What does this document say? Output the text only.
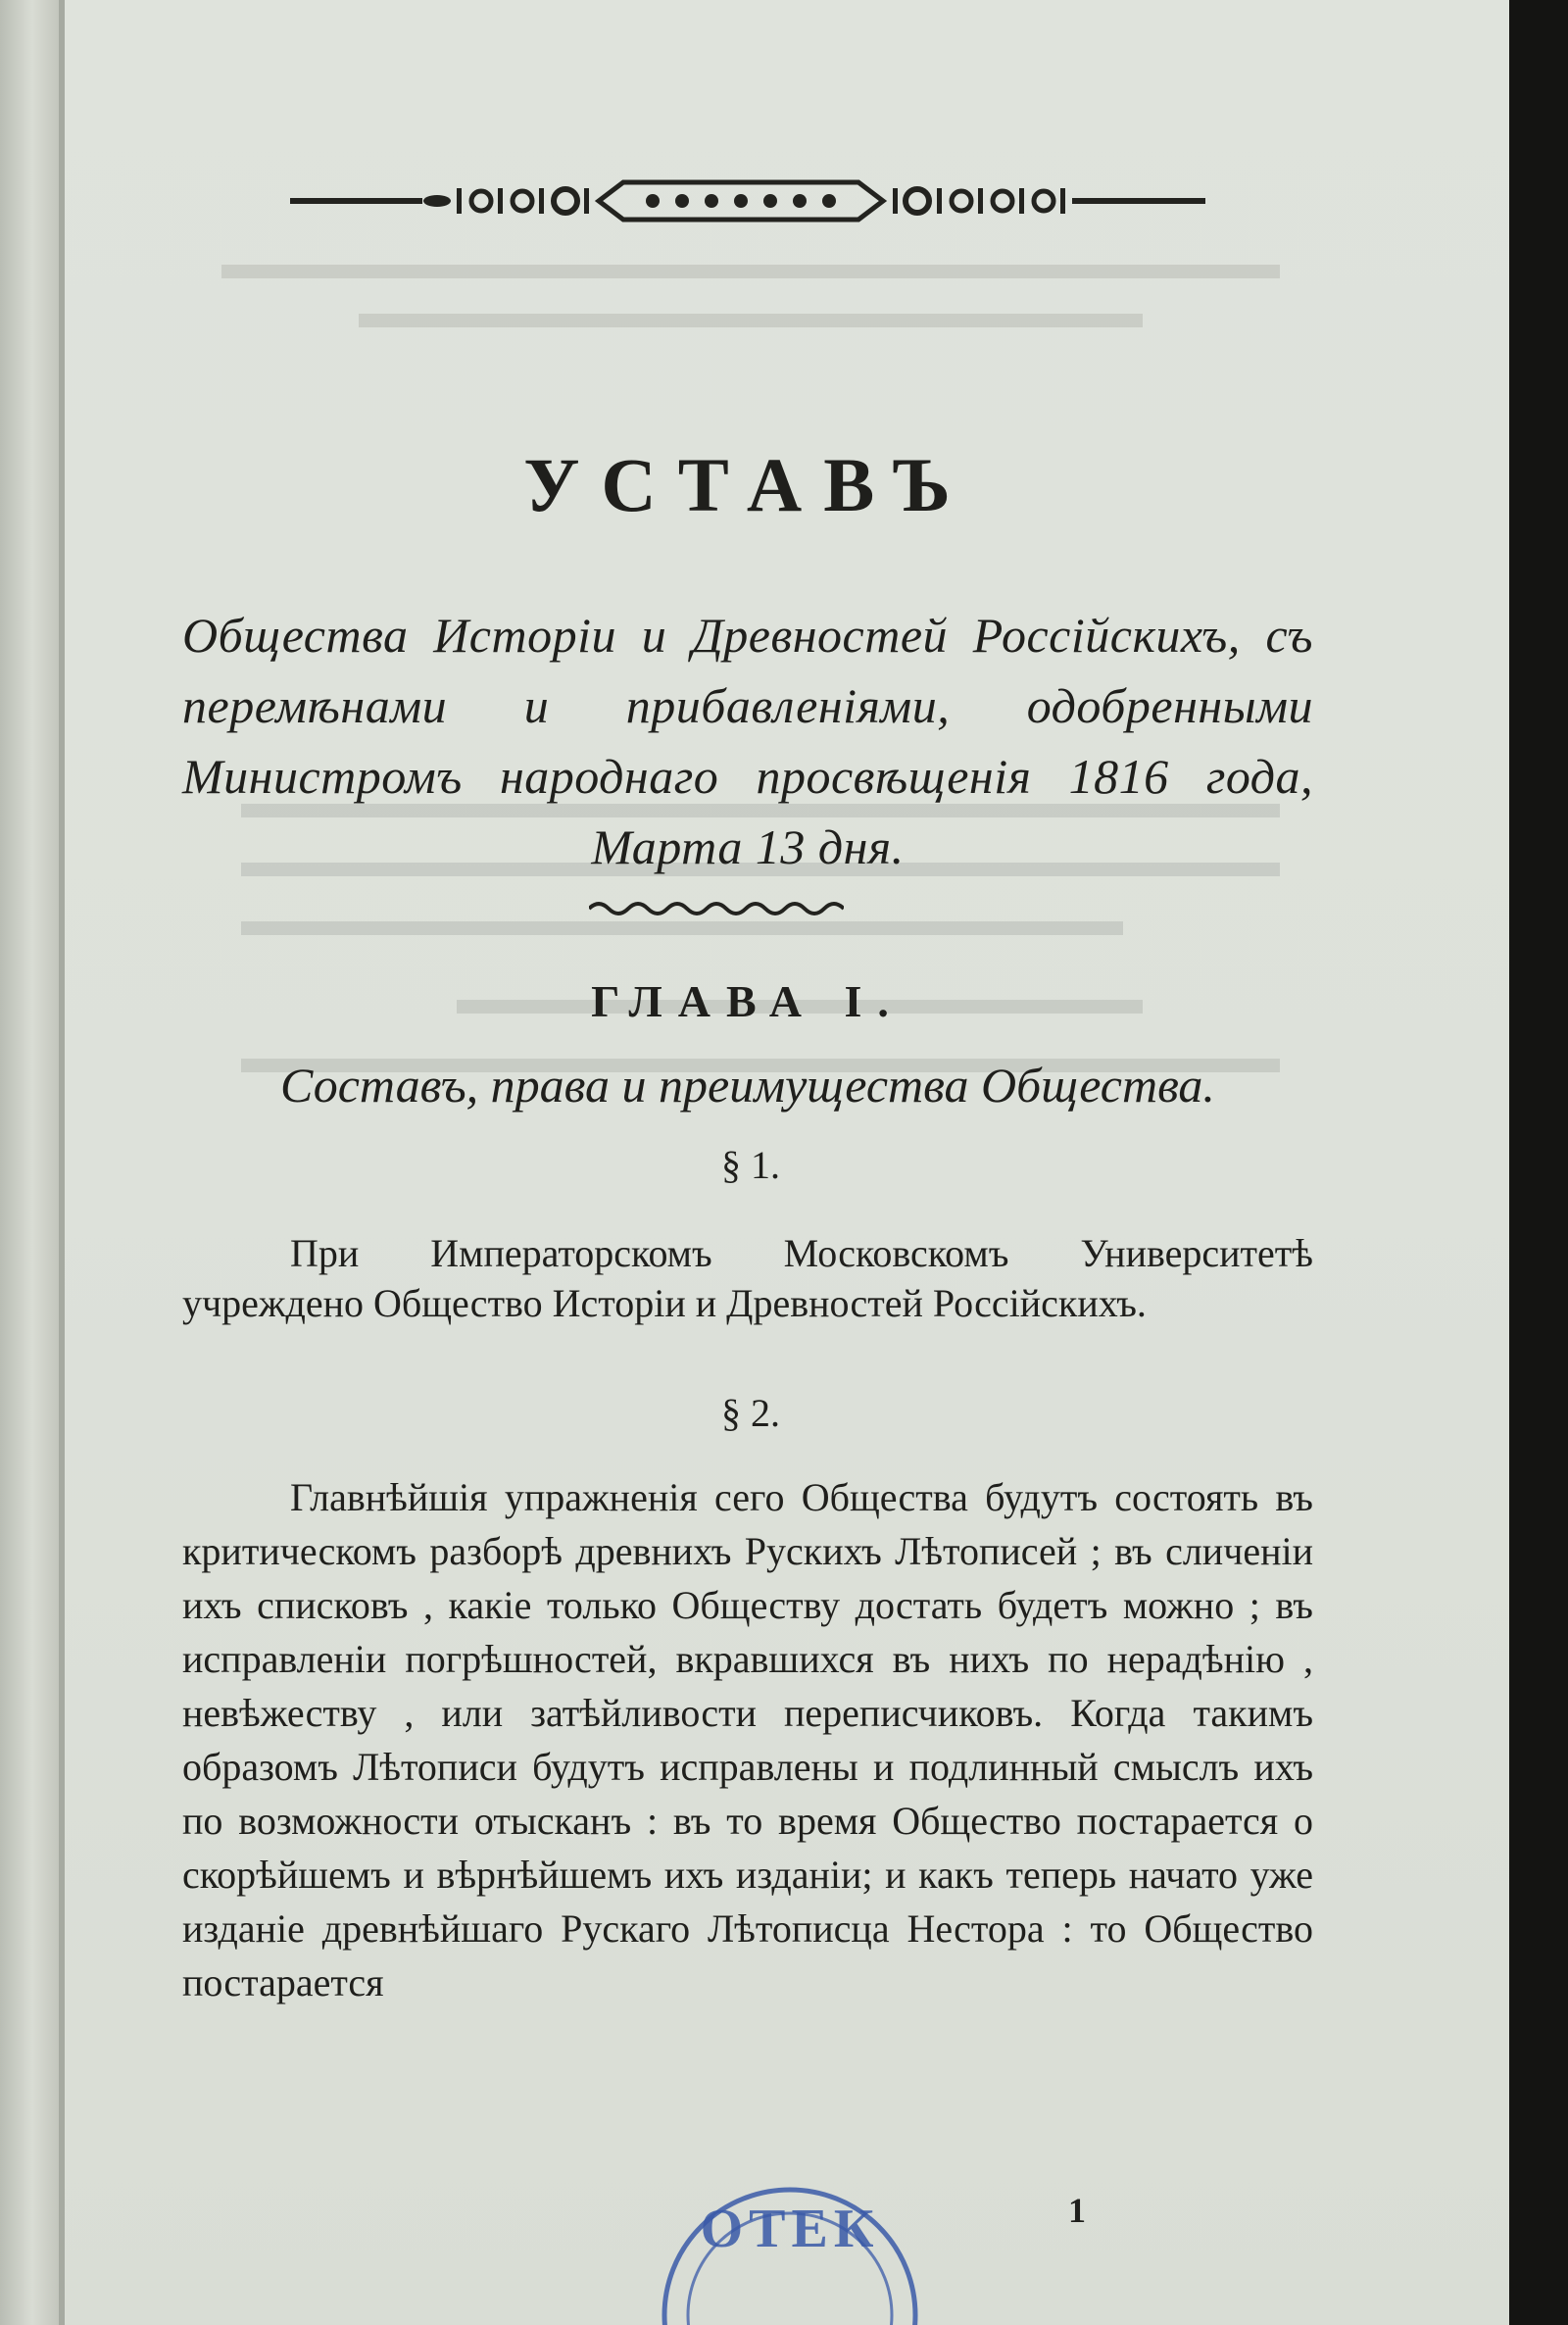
УСТАВЪ
Общества Исторіи и Древностей Россійскихъ, съ перемѣнами и прибавленіями, одобренными Министромъ народнаго просвѣщенія 1816 года, Марта 13 дня.
ГЛАВА I.
Составъ, права и преимущества Общества.
§ 1.
При Императорскомъ Московскомъ Университетѣ учреждено Общество Исторіи и Древностей Россійскихъ.
§ 2.
Главнѣйшія упражненія сего Общества будутъ состоять въ критическомъ разборѣ древнихъ Рускихъ Лѣтописей ; въ сличеніи ихъ списковъ , какіе только Обществу достать будетъ можно ; въ исправленіи погрѣшностей, вкравшихся въ нихъ по нерадѣнію , невѣжеству , или затѣйливости переписчиковъ. Когда такимъ образомъ Лѣтописи будутъ исправлены и подлинный смыслъ ихъ по возможности отысканъ : въ то время Общество постарается о скорѣйшемъ и вѣрнѣйшемъ ихъ изданіи; и какъ теперь начато уже изданіе древнѣйшаго Рускаго Лѣтописца Нестора : то Общество постарается
1
ОТЕК
